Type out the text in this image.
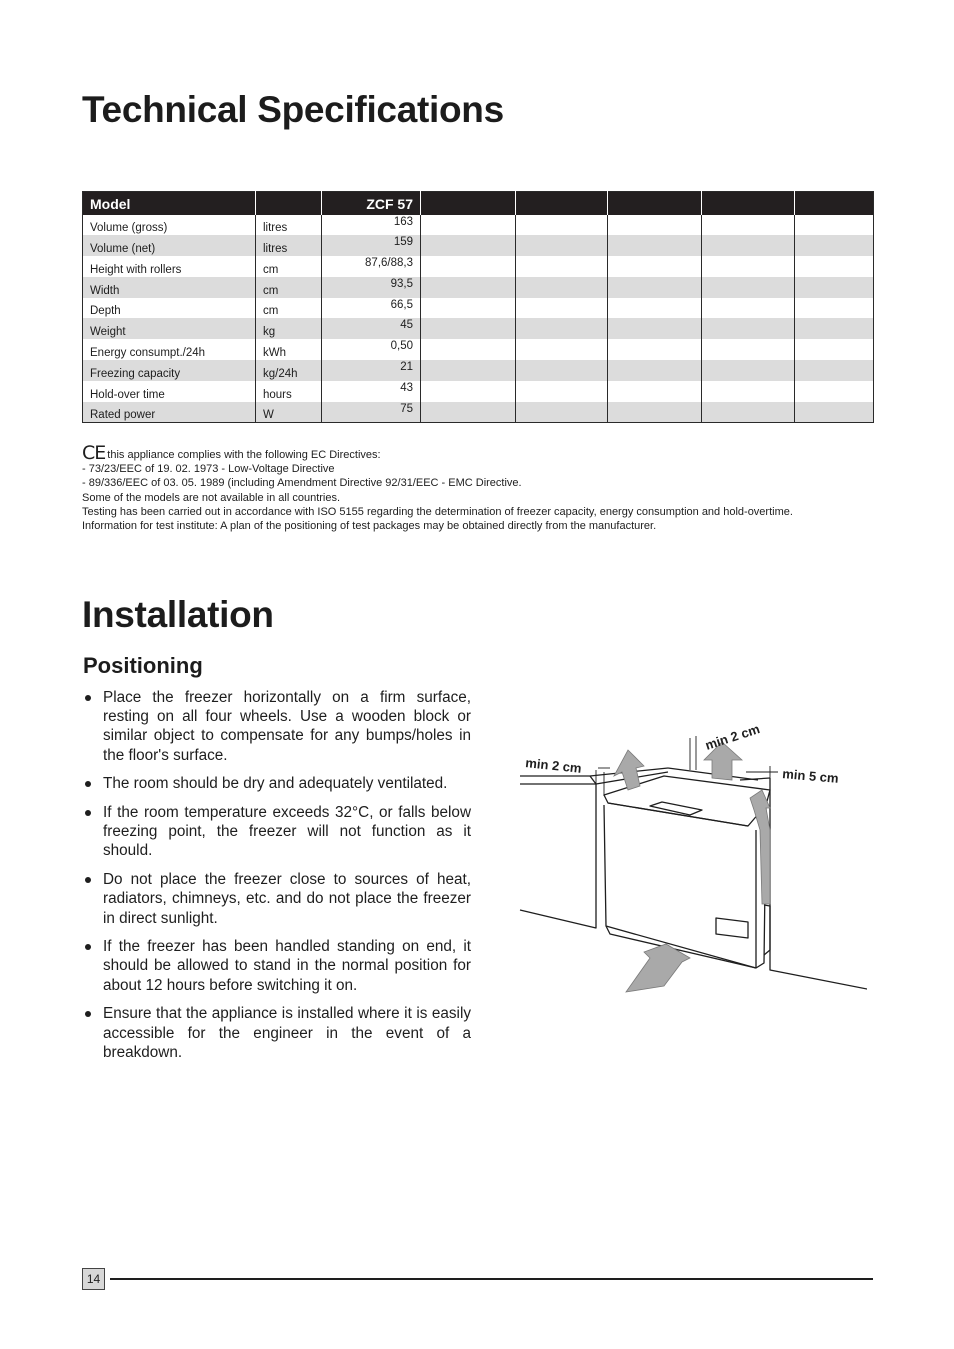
Technical Specifications
Model		ZCF 57					
Volume (gross)	litres	163					
Volume (net)	litres	159					
Height with rollers	cm	87,6/88,3					
Width	cm	93,5					
Depth	cm	66,5					
Weight	kg	45					
Energy consumpt./24h	kWh	0,50					
Freezing capacity	kg/24h	21					
Hold-over time	hours	43					
Rated power	W	75					
CE this appliance complies with the following EC Directives:
- 73/23/EEC of 19. 02. 1973 - Low-Voltage Directive
- 89/336/EEC of 03. 05. 1989 (including Amendment Directive 92/31/EEC - EMC Directive.
Some of the models are not available in all countries.
Testing has been carried out in accordance with ISO 5155 regarding the determination of freezer capacity, energy consumption and hold-overtime.
Information for test institute: A plan of the positioning of test packages may be obtained directly from the manufacturer.
Installation
Positioning
Place the freezer horizontally on a firm surface, resting on all four wheels. Use a wooden block or similar object to compensate for any bumps/holes in the floor's surface.
The room should be dry and adequately ventilated.
If the room temperature exceeds 32°C, or falls below freezing point, the freezer will not function as it should.
Do not place the freezer close to sources of heat, radiators, chimneys, etc. and do not place the freezer in direct sunlight.
If the freezer has been handled standing on end, it should be allowed to stand in the normal position for about 12 hours before switching it on.
Ensure that the appliance is installed where it is easily accessible for the engineer in the event of a breakdown.
min 2 cm
min 2 cm
min 5 cm
14
